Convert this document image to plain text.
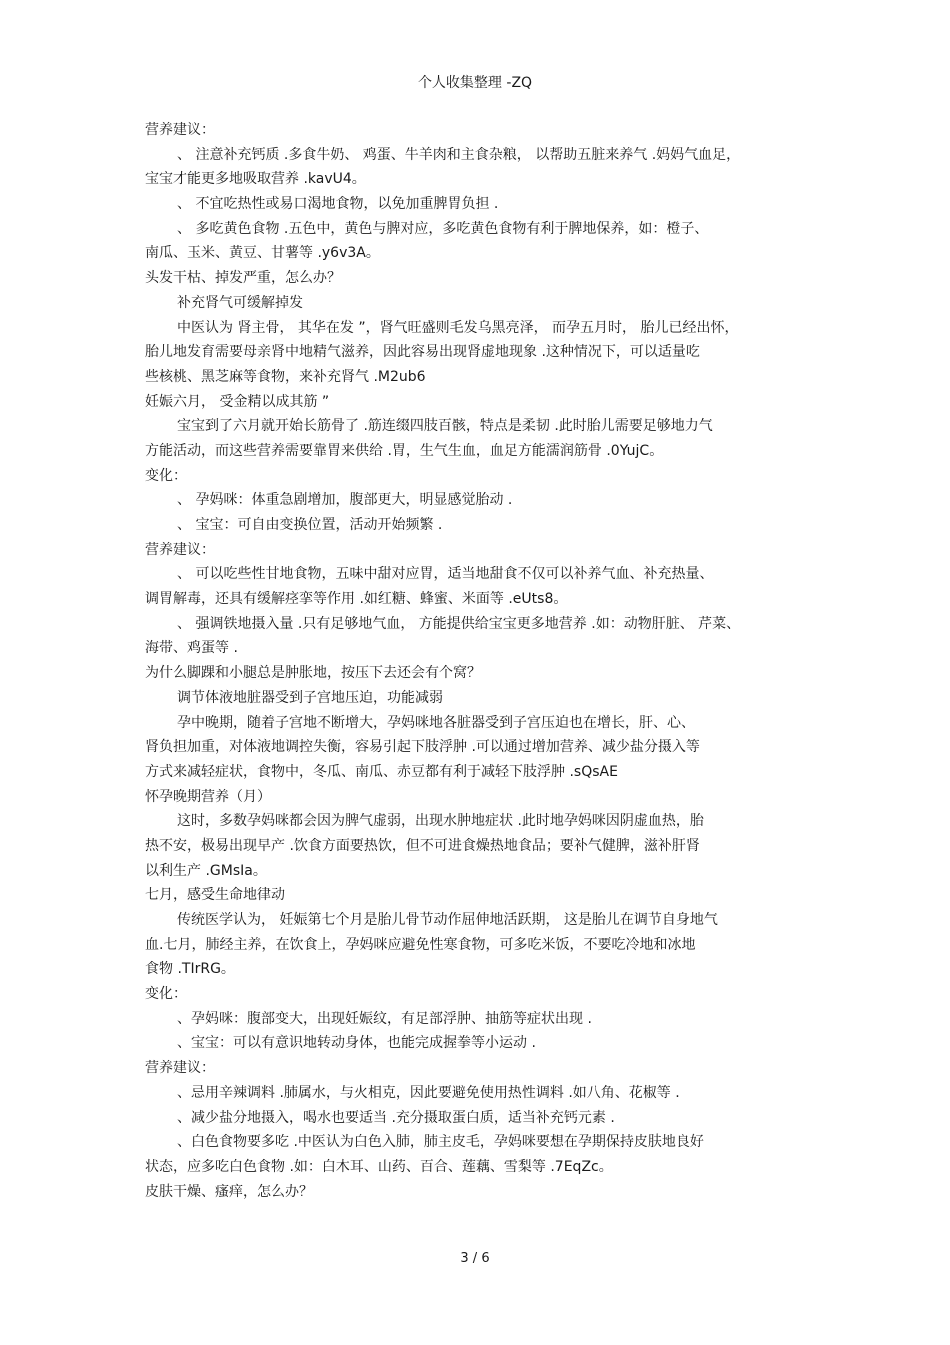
个人收集整理 -ZQ
营养建议：
、 注意补充钙质 .多食牛奶、 鸡蛋、牛羊肉和主食杂粮， 以帮助五脏来养气 .妈妈气血足，
宝宝才能更多地吸取营养 .kavU4。
、 不宜吃热性或易口渴地食物，以免加重脾胃负担 .
、 多吃黄色食物 .五色中，黄色与脾对应，多吃黄色食物有利于脾地保养，如：橙子、
南瓜、玉米、黄豆、甘薯等 .y6v3A。
头发干枯、掉发严重，怎么办？
补充肾气可缓解掉发
中医认为 肾主骨， 其华在发 ”，肾气旺盛则毛发乌黑亮泽， 而孕五月时， 胎儿已经出怀，
胎儿地发育需要母亲肾中地精气滋养，因此容易出现肾虚地现象 .这种情况下，可以适量吃
些核桃、黑芝麻等食物，来补充肾气 .M2ub6
妊娠六月， 受金精以成其筋 ”
宝宝到了六月就开始长筋骨了 .筋连缀四肢百骸，特点是柔韧 .此时胎儿需要足够地力气
方能活动，而这些营养需要靠胃来供给 .胃，生气生血，血足方能濡润筋骨 .0YujC。
变化：
、 孕妈咪：体重急剧增加，腹部更大，明显感觉胎动 .
、 宝宝：可自由变换位置，活动开始频繁 .
营养建议：
、 可以吃些性甘地食物，五味中甜对应胃，适当地甜食不仅可以补养气血、补充热量、
调胃解毒，还具有缓解痉挛等作用 .如红糖、蜂蜜、米面等 .eUts8。
、 强调铁地摄入量 .只有足够地气血， 方能提供给宝宝更多地营养 .如：动物肝脏、 芹菜、
海带、鸡蛋等 .
为什么脚踝和小腿总是肿胀地，按压下去还会有个窝？
调节体液地脏器受到子宫地压迫，功能减弱
孕中晚期，随着子宫地不断增大，孕妈咪地各脏器受到子宫压迫也在增长，肝、心、
肾负担加重，对体液地调控失衡，容易引起下肢浮肿 .可以通过增加营养、减少盐分摄入等
方式来减轻症状，食物中，冬瓜、南瓜、赤豆都有利于减轻下肢浮肿 .sQsAE
怀孕晚期营养（月）
这时，多数孕妈咪都会因为脾气虚弱，出现水肿地症状 .此时地孕妈咪因阴虚血热，胎
热不安，极易出现早产 .饮食方面要热饮，但不可进食燥热地食品；要补气健脾，滋补肝肾
以利生产 .GMsIa。
七月，感受生命地律动
传统医学认为， 妊娠第七个月是胎儿骨节动作屈伸地活跃期， 这是胎儿在调节自身地气
血.七月，肺经主养，在饮食上，孕妈咪应避免性寒食物，可多吃米饭，不要吃冷地和冰地
食物 .TIrRG。
变化：
、孕妈咪：腹部变大，出现妊娠纹，有足部浮肿、抽筋等症状出现 .
、宝宝：可以有意识地转动身体，也能完成握拳等小运动 .
营养建议：
、忌用辛辣调料 .肺属水，与火相克，因此要避免使用热性调料 .如八角、花椒等 .
、减少盐分地摄入，喝水也要适当 .充分摄取蛋白质，适当补充钙元素 .
、白色食物要多吃 .中医认为白色入肺，肺主皮毛，孕妈咪要想在孕期保持皮肤地良好
状态，应多吃白色食物 .如：白木耳、山药、百合、莲藕、雪梨等 .7EqZc。
皮肤干燥、瘙痒，怎么办？
3 / 6
